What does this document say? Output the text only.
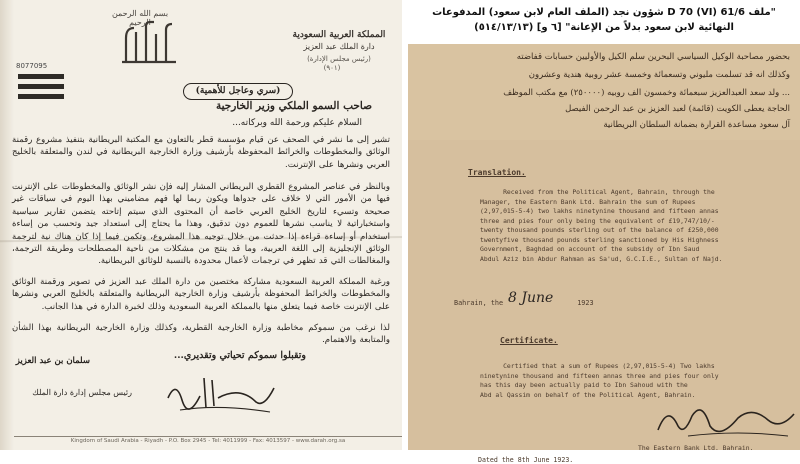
بسم الله الرحمن الرحيم
المملكة العربية السعودية
دارة الملك عبد العزيز
(رئيس مجلس الإدارة)
(٩٠١)
8077095
(سري وعاجل للأهمية)
صاحب السمو الملكي وزير الخارجية
السلام عليكم ورحمة الله وبركاته...
تشير إلى ما نشر في الصحف عن قيام مؤسسة قطر بالتعاون مع المكتبة البريطانية بتنفيذ مشروع رقمنة الوثائق والمخطوطات والخرائط المحفوظة بأرشيف وزارة الخارجية البريطانية في لندن والمتعلقة بالخليج العربي ونشرها على الإنترنت.
وبالنظر في عناصر المشروع القطري البريطاني المشار إليه فإن نشر الوثائق والمخطوطات على الإنترنت فيها من الأمور التي لا خلاف على جدواها ويكون ربما لها فهم مضاميني بهذا اليوم في سياقات غير صحيحة وتسيء لتاريخ الخليج العربي خاصة أن المحتوى الذي سيتم إتاحته يتضمن تقارير سياسية واستخباراتية لا يناسب نشرها للعموم دون تدقيق، وهذا ما يحتاج إلى استعداد جيد وتحسب من إساءة استخدام أو إساءة قراءة إذا حدثت من خلال توجيه هذا المشروع، وتكمن فيما إذا كان هناك نية لترجمة الوثائق الإنجليزية إلى اللغة العربية، وما قد ينتج من مشكلات من ناحية المصطلحات وطريقة الترجمة، والمغالطات التي قد تظهر في ترجمات لأعمال محدودة بالنسبة للوثائق البريطانية.
ورغبة المملكة العربية السعودية مشاركة مختصين من دارة الملك عبد العزيز في تصوير ورقمنة الوثائق والمخطوطات والخرائط المحفوظة بأرشيف وزارة الخارجية البريطانية والمتعلقة بالخليج العربي ونشرها على الإنترنت خاصة فيما يتعلق منها بالمملكة العربية السعودية وذلك لخبرة الدارة في هذا الجانب.
لذا نرغب من سموكم مخاطبة وزارة الخارجية القطرية، وكذلك وزارة الخارجية البريطانية بهذا الشأن والمتابعة والاهتمام.
وتقبلوا سموكم تحياتي وتقديري...
سلمان بن عبد العزيز
رئيس مجلس إدارة دارة الملك
Kingdom of Saudi Arabia - Riyadh - P.O. Box 2945 - Tel: 4011999 - Fax: 4013597 - www.darah.org.sa
"ملف 61/6 D 70 (VI) شؤون نجد (الملف العام لابن سعود) المدفوعات
النهائية لابن سعود بدلاً من الإعانة" [٦ و] (٥١٤/١٣/١٣)
بحضور مصاحبة الوكيل السياسي البحرين سلم الكيل والأوليين حسابات قفاضته
وكذلك انه قد تسلمت مليوني وتسعمائة وخمسة عشر روبية هندية وعشرون
... ولد سعد العبدالعزيز سبعمائة وخمسون الف روبيه (٢٥٠٠٠٠) مع مكتب الموظف
الحاجة يعطى الكويت (قائمة) لعبد العزيز بن عبد الرحمن الفيصل
آل سعود مساعدة القرارة بضمانة السلطان البريطانية
Translation.
Received from the Political Agent, Bahrain, through the
Manager, the Eastern Bank Ltd. Bahrain the sum of Rupees
(2,97,015-5-4) two lakhs ninetynine thousand and fifteen annas
three and pies four only being the equivalent of £19,747/10/-
twenty thousand pounds sterling out of the balance of £250,000
twentyfive thousand pounds sterling sanctioned by His Highness
Government, Baghdad on account of the subsidy of Ibn Saud
Abdul Aziz bin Abdur Rahman as Sa'ud, G.C.I.E., Sultan of Najd.
Bahrain, the	1923
8 June
Certificate.
Certified that a sum of Rupees (2,97,015-5-4) Two lakhs
ninetynine thousand and fifteen annas three and pies four only
has this day been actually paid to Ibn Sahoud with the
Abd al Qassim on behalf of the Political Agent, Bahrain.
The Eastern Bank Ltd. Bahrain.
Dated the 8th June 1923.
